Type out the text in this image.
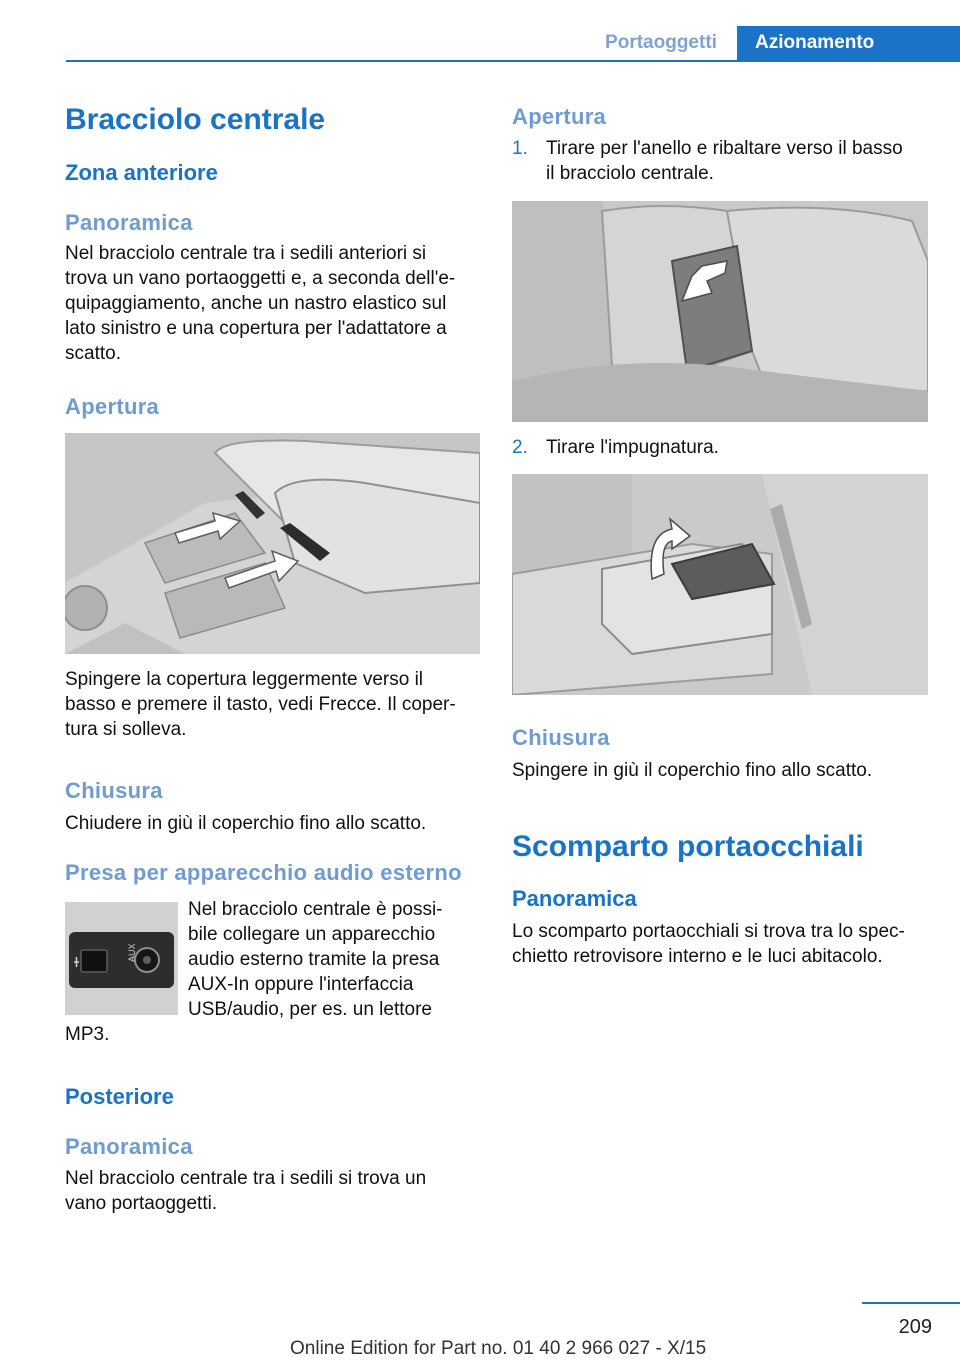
Portaoggetti	Azionamento
Bracciolo centrale
Zona anteriore
Panoramica
Nel bracciolo centrale tra i sedili anteriori si
trova un vano portaoggetti e, a seconda dell'e‐
quipaggiamento, anche un nastro elastico sul
lato sinistro e una copertura per l'adattatore a
scatto.
Apertura
Spingere la copertura leggermente verso il
basso e premere il tasto, vedi Frecce. Il coper‐
tura si solleva.
Chiusura
Chiudere in giù il coperchio fino allo scatto.
Presa per apparecchio audio esterno
AUX
Nel bracciolo centrale è possi‐
bile collegare un apparecchio
audio esterno tramite la presa
AUX-In oppure l'interfaccia
USB/audio, per es. un lettore
MP3.
Posteriore
Panoramica
Nel bracciolo centrale tra i sedili si trova un
vano portaoggetti.
Apertura
1. Tirare per l'anello e ribaltare verso il basso
il bracciolo centrale.
2. Tirare l'impugnatura.
Chiusura
Spingere in giù il coperchio fino allo scatto.
Scomparto portaocchiali
Panoramica
Lo scomparto portaocchiali si trova tra lo spec‐
chietto retrovisore interno e le luci abitacolo.
209
Online Edition for Part no. 01 40 2 966 027 - X/15
